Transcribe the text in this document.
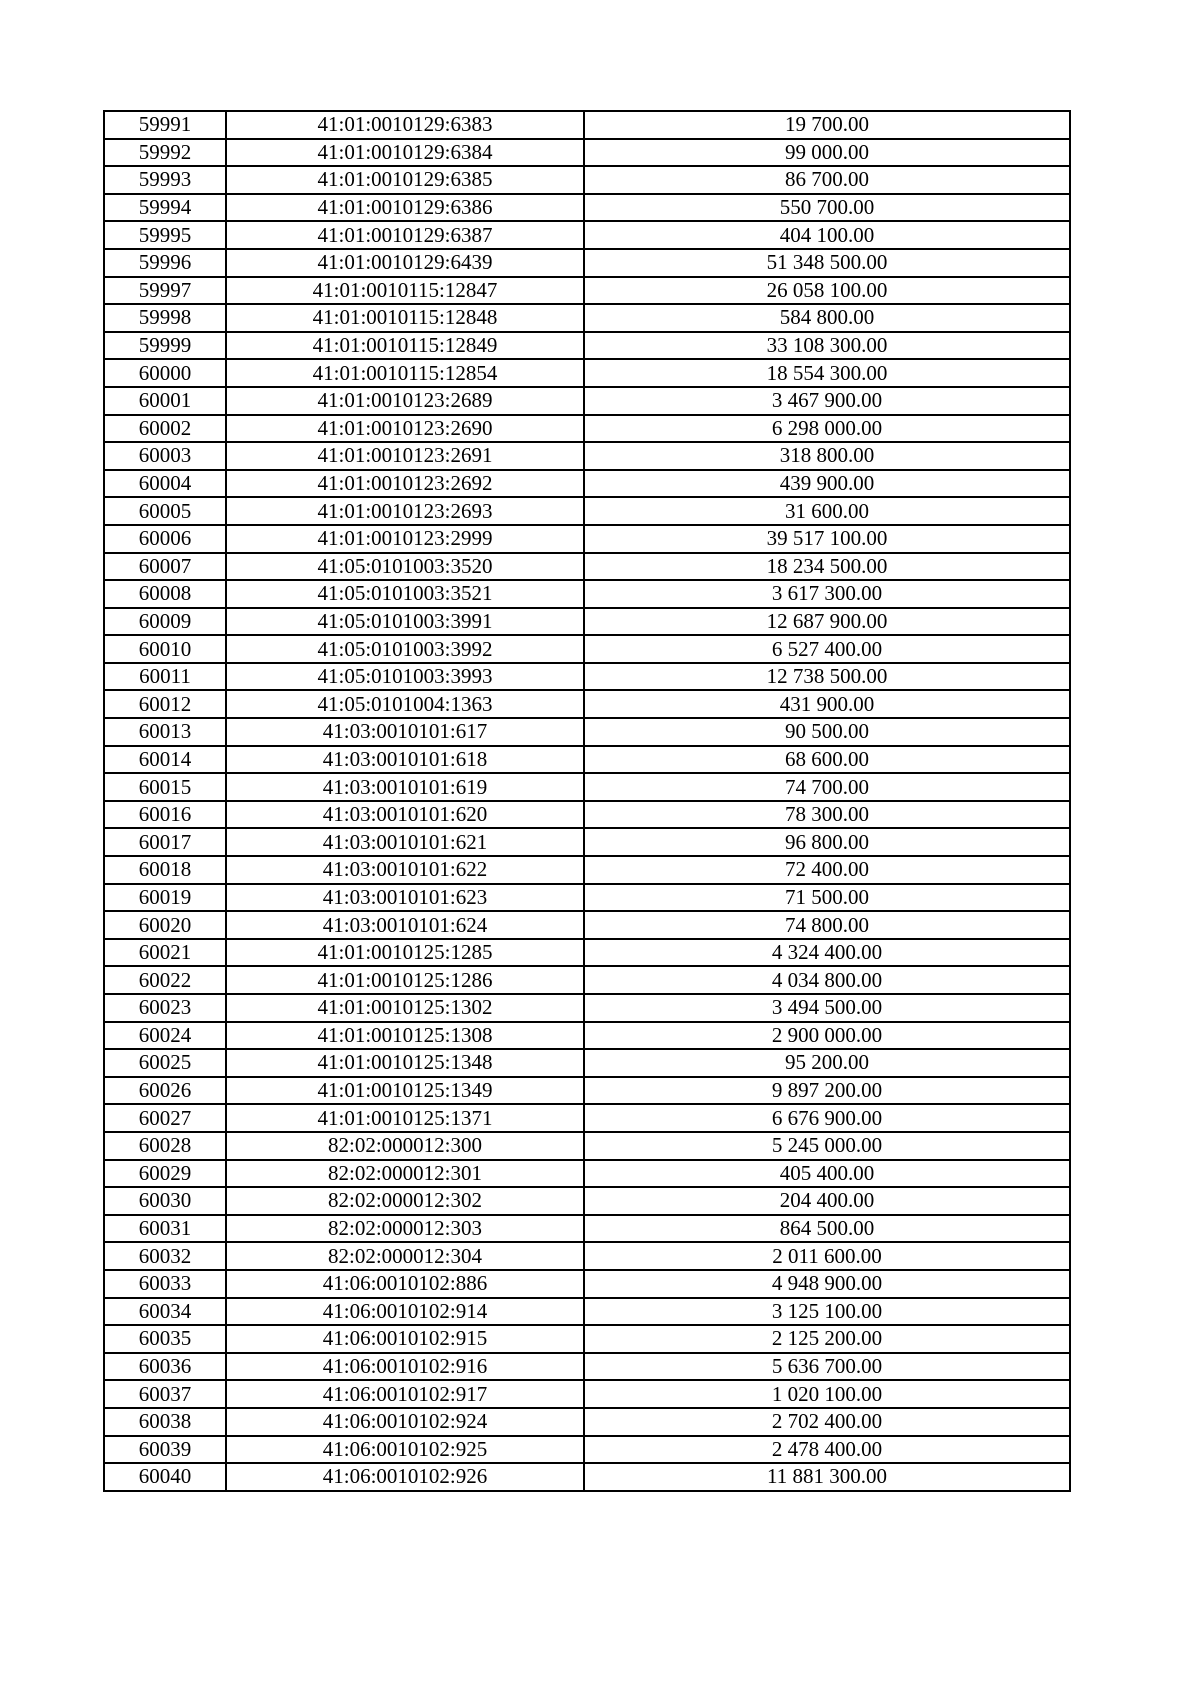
59991	41:01:0010129:6383	19 700.00
59992	41:01:0010129:6384	99 000.00
59993	41:01:0010129:6385	86 700.00
59994	41:01:0010129:6386	550 700.00
59995	41:01:0010129:6387	404 100.00
59996	41:01:0010129:6439	51 348 500.00
59997	41:01:0010115:12847	26 058 100.00
59998	41:01:0010115:12848	584 800.00
59999	41:01:0010115:12849	33 108 300.00
60000	41:01:0010115:12854	18 554 300.00
60001	41:01:0010123:2689	3 467 900.00
60002	41:01:0010123:2690	6 298 000.00
60003	41:01:0010123:2691	318 800.00
60004	41:01:0010123:2692	439 900.00
60005	41:01:0010123:2693	31 600.00
60006	41:01:0010123:2999	39 517 100.00
60007	41:05:0101003:3520	18 234 500.00
60008	41:05:0101003:3521	3 617 300.00
60009	41:05:0101003:3991	12 687 900.00
60010	41:05:0101003:3992	6 527 400.00
60011	41:05:0101003:3993	12 738 500.00
60012	41:05:0101004:1363	431 900.00
60013	41:03:0010101:617	90 500.00
60014	41:03:0010101:618	68 600.00
60015	41:03:0010101:619	74 700.00
60016	41:03:0010101:620	78 300.00
60017	41:03:0010101:621	96 800.00
60018	41:03:0010101:622	72 400.00
60019	41:03:0010101:623	71 500.00
60020	41:03:0010101:624	74 800.00
60021	41:01:0010125:1285	4 324 400.00
60022	41:01:0010125:1286	4 034 800.00
60023	41:01:0010125:1302	3 494 500.00
60024	41:01:0010125:1308	2 900 000.00
60025	41:01:0010125:1348	95 200.00
60026	41:01:0010125:1349	9 897 200.00
60027	41:01:0010125:1371	6 676 900.00
60028	82:02:000012:300	5 245 000.00
60029	82:02:000012:301	405 400.00
60030	82:02:000012:302	204 400.00
60031	82:02:000012:303	864 500.00
60032	82:02:000012:304	2 011 600.00
60033	41:06:0010102:886	4 948 900.00
60034	41:06:0010102:914	3 125 100.00
60035	41:06:0010102:915	2 125 200.00
60036	41:06:0010102:916	5 636 700.00
60037	41:06:0010102:917	1 020 100.00
60038	41:06:0010102:924	2 702 400.00
60039	41:06:0010102:925	2 478 400.00
60040	41:06:0010102:926	11 881 300.00
